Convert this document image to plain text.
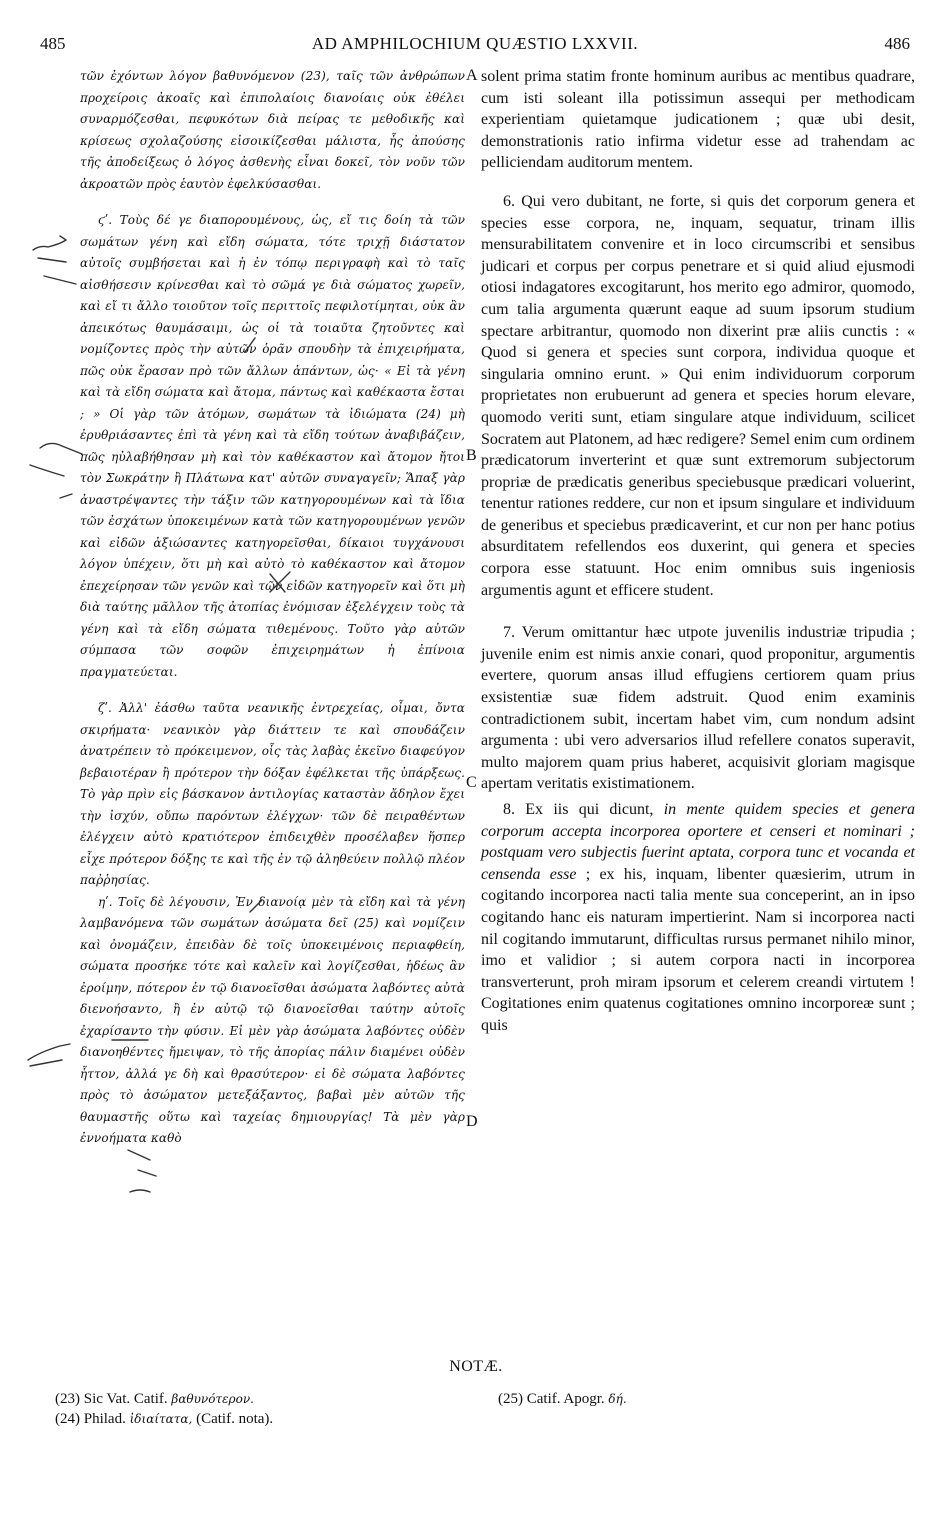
485	AD AMPHILOCHIUM QUÆSTIO LXXVII.	486

τῶν ἐχόντων λόγον βαθυνόμενον (23), ταῖς τῶν ἀνθρώπων προχείροις ἀκοαῖς καὶ ἐπιπολαίοις διανοίαις οὐκ ἐθέλει συναρμόζεσθαι, πεφυκότων διὰ πείρας τε μεθοδικῆς καὶ κρίσεως σχολαζούσης εἰσοικίζεσθαι μάλιστα, ἧς ἀπούσης τῆς ἀποδείξεως ὁ λόγος ἀσθενὴς εἶναι δοκεῖ, τὸν νοῦν τῶν ἀκροατῶν πρὸς ἑαυτὸν ἐφελκύσασθαι.

ϛʹ. Τοὺς δέ γε διαπορουμένους, ὡς, εἴ τις δοίη τὰ τῶν σωμάτων γένη καὶ εἴδη σώματα, τότε τριχῇ διάστατον αὐτοῖς συμβήσεται καὶ ἡ ἐν τόπῳ περιγραφὴ καὶ τὸ ταῖς αἰσθήσεσιν κρίνεσθαι καὶ τὸ σῶμά γε διὰ σώματος χωρεῖν, καὶ εἴ τι ἄλλο τοιοῦτον τοῖς περιττοῖς πεφιλοτίμηται, οὐκ ἂν ἀπεικότως θαυμάσαιμι, ὡς οἱ τὰ τοιαῦτα ζητοῦντες καὶ νομίζοντες πρὸς τὴν αὐτῶν ὁρᾶν σπουδὴν τὰ ἐπιχειρήματα, πῶς οὐκ ἔρασαν πρὸ τῶν ἄλλων ἁπάντων, ὡς· « Εἰ τὰ γένη καὶ τὰ εἴδη σώματα καὶ ἄτομα, πάντως καὶ καθέκαστα ἔσται ; » Οἱ γὰρ τῶν ἀτόμων, σωμάτων τὰ ἰδιώματα (24) μὴ ἐρυθριάσαντες ἐπὶ τὰ γένη καὶ τὰ εἴδη τούτων ἀναβιβάζειν, πῶς ηὐλαβήθησαν μὴ καὶ τὸν καθέκαστον καὶ ἄτομον ἤτοι τὸν Σωκράτην ἢ Πλάτωνα κατ' αὐτῶν συναγαγεῖν; Ἅπαξ γὰρ ἀναστρέψαντες τὴν τάξιν τῶν κατηγορουμένων καὶ τὰ ἴδια τῶν ἐσχάτων ὑποκειμένων κατὰ τῶν κατηγορουμένων γενῶν καὶ εἰδῶν ἀξιώσαντες κατηγορεῖσθαι, δίκαιοι τυγχάνουσι λόγον ὑπέχειν, ὅτι μὴ καὶ αὐτὸ τὸ καθέκαστον καὶ ἄτομον ἐπεχείρησαν τῶν γενῶν καὶ τῶν εἰδῶν κατηγορεῖν καὶ ὅτι μὴ διὰ ταύτης μᾶλλον τῆς ἀτοπίας ἐνόμισαν ἐξελέγχειν τοὺς τὰ γένη καὶ τὰ εἴδη σώματα τιθεμένους. Τοῦτο γὰρ αὐτῶν σύμπασα τῶν σοφῶν ἐπιχειρημάτων ἡ ἐπίνοια πραγματεύεται.

ζʹ. Ἀλλ' ἐάσθω ταῦτα νεανικῆς ἐντρεχείας, οἶμαι, ὄντα σκιρήματα· νεανικὸν γὰρ διάττειν τε καὶ σπουδάζειν ἀνατρέπειν τὸ πρόκειμενον, οἷς τὰς λαβὰς ἐκεῖνο διαφεύγον βεβαιοτέραν ἢ πρότερον τὴν δόξαν ἐφέλκεται τῆς ὑπάρξεως. Τὸ γὰρ πρὶν εἰς βάσκανον ἀντιλογίας καταστὰν ἄδηλον ἔχει τὴν ἰσχύν, οὔπω παρόντων ἐλέγχων· τῶν δὲ πειραθέντων ἐλέγχειν αὐτὸ κρατιότερον ἐπιδειχθὲν προσέλαβεν ἥσπερ εἶχε πρότερον δόξης τε καὶ τῆς ἐν τῷ ἀληθεύειν πολλῷ πλέον παῤῥησίας.

ηʹ. Τοῖς δὲ λέγουσιν, Ἐν διανοίᾳ μὲν τὰ εἴδη καὶ τὰ γένη λαμβανόμενα τῶν σωμάτων ἀσώματα δεῖ (25) καὶ νομίζειν καὶ ὀνομάζειν, ἐπειδὰν δὲ τοῖς ὑποκειμένοις περιαφθείη, σώματα προσήκε τότε καὶ καλεῖν καὶ λογίζεσθαι, ἡδέως ἂν ἐροίμην, πότερον ἐν τῷ διανοεῖσθαι ἀσώματα λαβόντες αὐτὰ διενοήσαντο, ἢ ἐν αὐτῷ τῷ διανοεῖσθαι ταύτην αὐτοῖς ἐχαρίσαντο τὴν φύσιν. Εἰ μὲν γὰρ ἀσώματα λαβόντες οὐδὲν διανοηθέντες ἤμειψαν, τὸ τῆς ἀπορίας πάλιν διαμένει οὐδὲν ἧττον, ἀλλά γε δὴ καὶ θρασύτερον· εἰ δὲ σώματα λαβόντες πρὸς τὸ ἀσώματον μετεξάξαντος, βαβαὶ μὲν αὐτῶν τῆς θαυμαστῆς οὕτω καὶ ταχείας δημιουργίας! Τὰ μὲν γὰρ ἐννοήματα καθὸ

A
B
C
D

solent prima statim fronte hominum auribus ac mentibus quadrare, cum isti soleant illa potissimun assequi per methodicam experientiam quietamque judicationem ; quæ ubi desit, demonstrationis ratio infirma videtur esse ad trahendam ac pelliciendam auditorum mentem.

6. Qui vero dubitant, ne forte, si quis det corporum genera et species esse corpora, ne, inquam, sequatur, trinam illis mensurabilitatem convenire et in loco circumscribi et sensibus judicari et corpus per corpus penetrare et si quid aliud ejusmodi otiosi indagatores excogitarunt, hos merito ego admiror, quomodo, cum talia argumenta quærunt eaque ad suum ipsorum studium spectare arbitrantur, quomodo non dixerint præ aliis cunctis : « Quod si genera et species sunt corpora, individua quoque et singularia omnino erunt. » Qui enim individuorum corporum proprietates non erubuerunt ad genera et species horum elevare, quomodo veriti sunt, etiam singulare atque individuum, scilicet Socratem aut Platonem, ad hæc redigere? Semel enim cum ordinem prædicatorum inverterint et quæ sunt extremorum subjectorum propriæ de prædicatis generibus speciebusque prædicari voluerint, tenentur rationes reddere, cur non et ipsum singulare et individuum de generibus et speciebus prædicaverint, et cur non per hanc potius absurditatem refellendos eos duxerint, qui genera et species corpora esse statuunt. Hoc enim omnibus suis ingeniosis argumentis agunt et efficere student.

7. Verum omittantur hæc utpote juvenilis industriæ tripudia ; juvenile enim est nimis anxie conari, quod proponitur, argumentis evertere, quorum ansas illud effugiens certiorem quam prius exsistentiæ suæ fidem adstruit. Quod enim examinis contradictionem subit, incertam habet vim, cum nondum adsint argumenta : ubi vero adversarios illud refellere conatos superavit, multo majorem quam prius haberet, acquisivit gloriam magisque apertam veritatis existimationem.

8. Ex iis qui dicunt, in mente quidem species et genera corporum accepta incorporea oportere et censeri et nominari ; postquam vero subjectis fuerint aptata, corpora tunc et vocanda et censenda esse ; ex his, inquam, libenter quæsierim, utrum in cogitando incorporea nacti talia mente sua conceperint, an in ipso cogitando hanc eis naturam impertierint. Nam si incorporea nacti nil cogitando immutarunt, difficultas rursus permanet nihilo minor, imo et validior ; si autem corpora nacti in incorporea transverterunt, proh miram ipsorum et celerem creandi virtutem ! Cogitationes enim quatenus cogitationes omnino incorporeæ sunt ; quis

NOTÆ.
(23) Sic Vat. Catif. βαθυνότερον.
(24) Philad. ἰδιαίτατα, (Catif. nota).
(25) Catif. Apogr. δή.
